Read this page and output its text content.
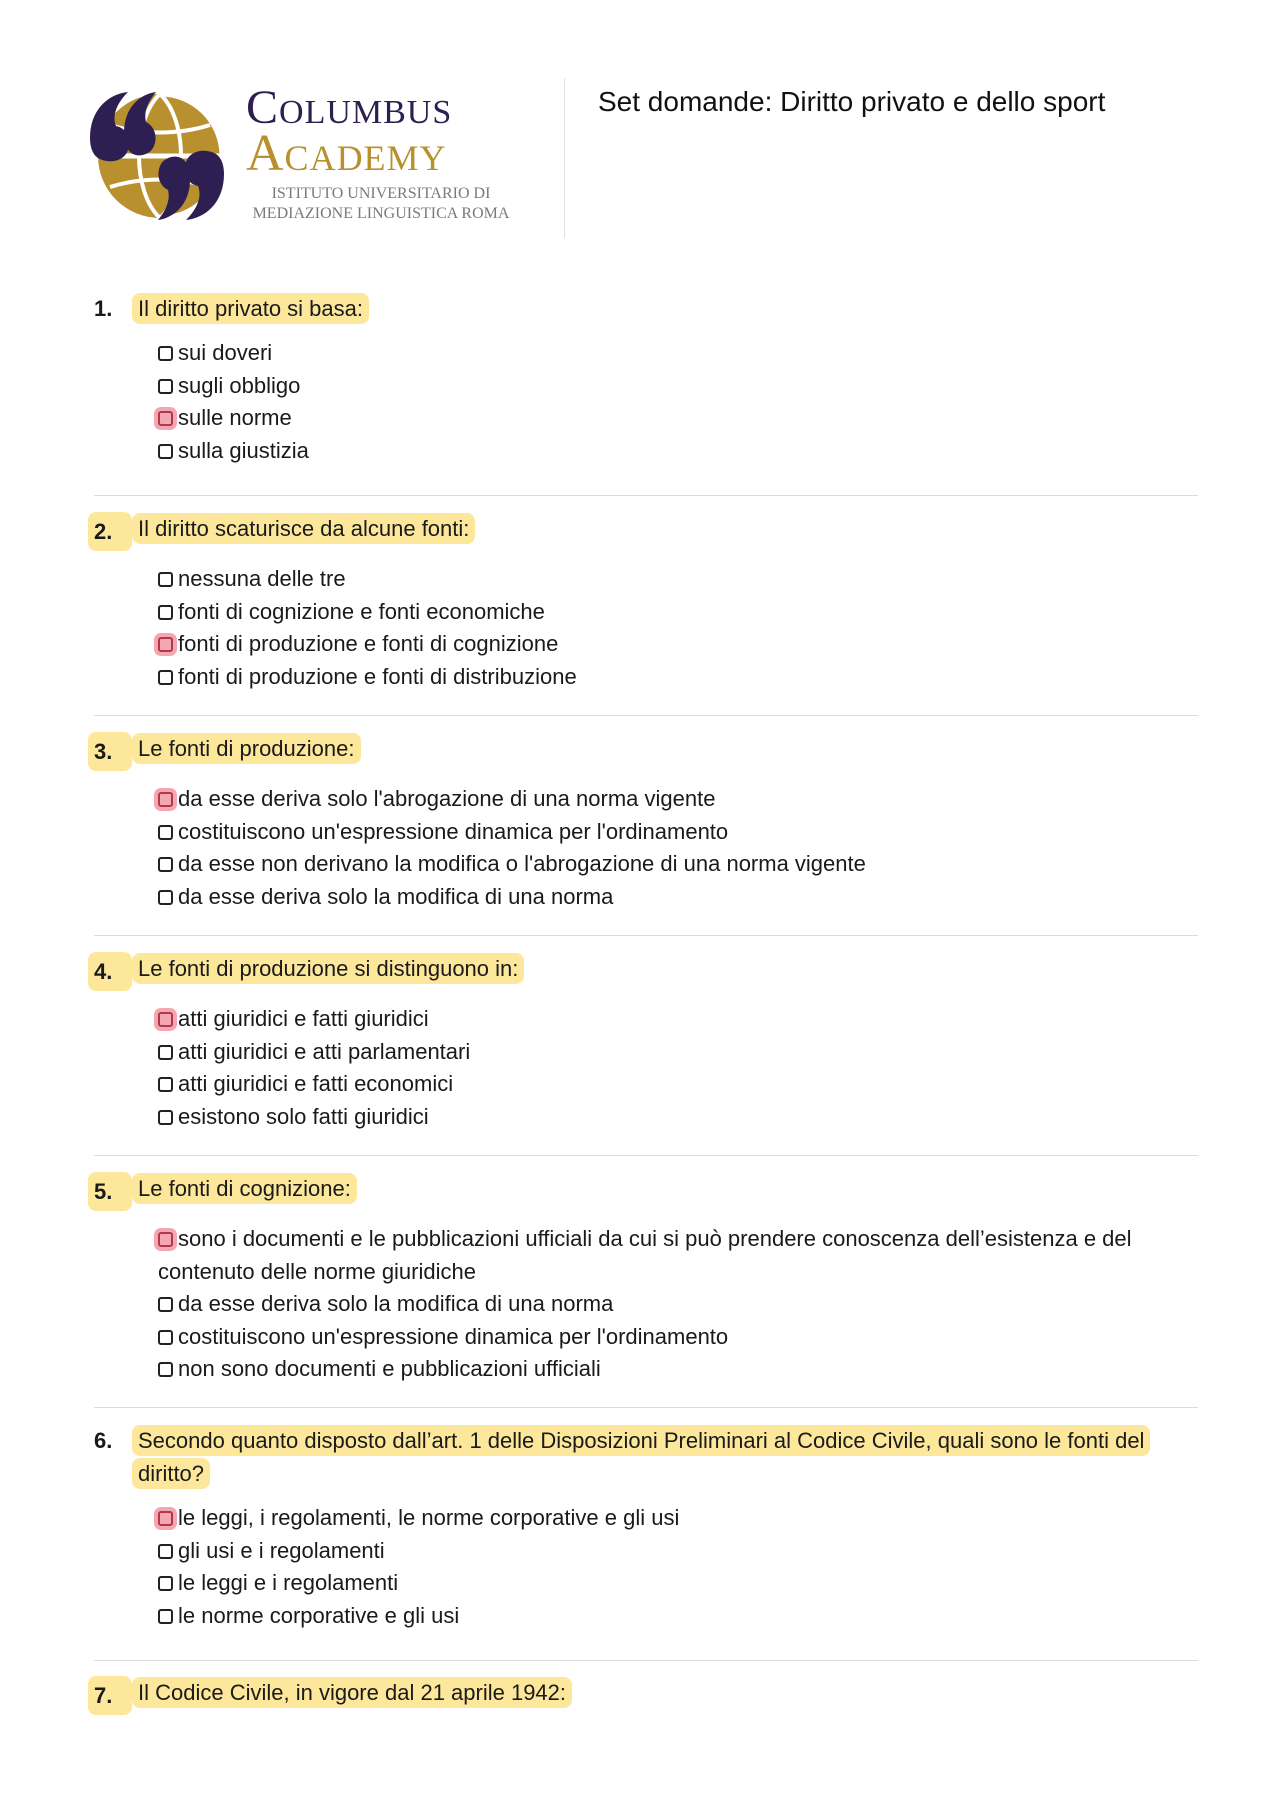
Columbus
Academy
ISTITUTO UNIVERSITARIO DI
MEDIAZIONE LINGUISTICA ROMA
Set domande: Diritto privato e dello sport
1.	Il diritto privato si basa:
sui doveri
sugli obbligo
sulle norme
sulla giustizia
2.	Il diritto scaturisce da alcune fonti:
nessuna delle tre
fonti di cognizione e fonti economiche
fonti di produzione e fonti di cognizione
fonti di produzione e fonti di distribuzione
3.	Le fonti di produzione:
da esse deriva solo l'abrogazione di una norma vigente
costituiscono un'espressione dinamica per l'ordinamento
da esse non derivano la modifica o l'abrogazione di una norma vigente
da esse deriva solo la modifica di una norma
4.	Le fonti di produzione si distinguono in:
atti giuridici e fatti giuridici
atti giuridici e atti parlamentari
atti giuridici e fatti economici
esistono solo fatti giuridici
5.	Le fonti di cognizione:
sono i documenti e le pubblicazioni ufficiali da cui si può prendere conoscenza dell’esistenza e del contenuto delle norme giuridiche
da esse deriva solo la modifica di una norma
costituiscono un'espressione dinamica per l'ordinamento
non sono documenti e pubblicazioni ufficiali
6.	Secondo quanto disposto dall’art. 1 delle Disposizioni Preliminari al Codice Civile, quali sono le fonti del diritto?
le leggi, i regolamenti, le norme corporative e gli usi
gli usi e i regolamenti
le leggi e i regolamenti
le norme corporative e gli usi
7.	Il Codice Civile, in vigore dal 21 aprile 1942:
